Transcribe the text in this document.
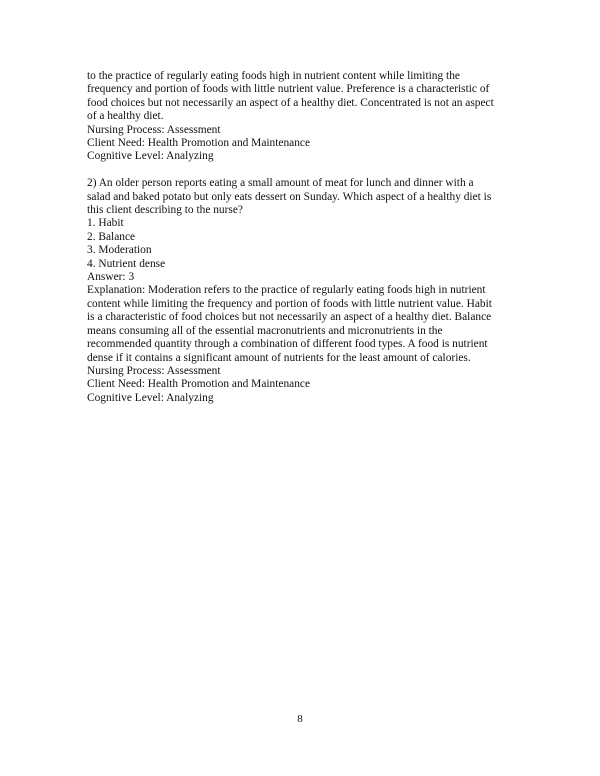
to the practice of regularly eating foods high in nutrient content while limiting the
frequency and portion of foods with little nutrient value. Preference is a characteristic of
food choices but not necessarily an aspect of a healthy diet. Concentrated is not an aspect
of a healthy diet.
Nursing Process: Assessment
Client Need: Health Promotion and Maintenance
Cognitive Level: Analyzing
2) An older person reports eating a small amount of meat for lunch and dinner with a
salad and baked potato but only eats dessert on Sunday. Which aspect of a healthy diet is
this client describing to the nurse?
1. Habit
2. Balance
3. Moderation
4. Nutrient dense
Answer: 3
Explanation: Moderation refers to the practice of regularly eating foods high in nutrient
content while limiting the frequency and portion of foods with little nutrient value. Habit
is a characteristic of food choices but not necessarily an aspect of a healthy diet. Balance
means consuming all of the essential macronutrients and micronutrients in the
recommended quantity through a combination of different food types. A food is nutrient
dense if it contains a significant amount of nutrients for the least amount of calories.
Nursing Process: Assessment
Client Need: Health Promotion and Maintenance
Cognitive Level: Analyzing
8
